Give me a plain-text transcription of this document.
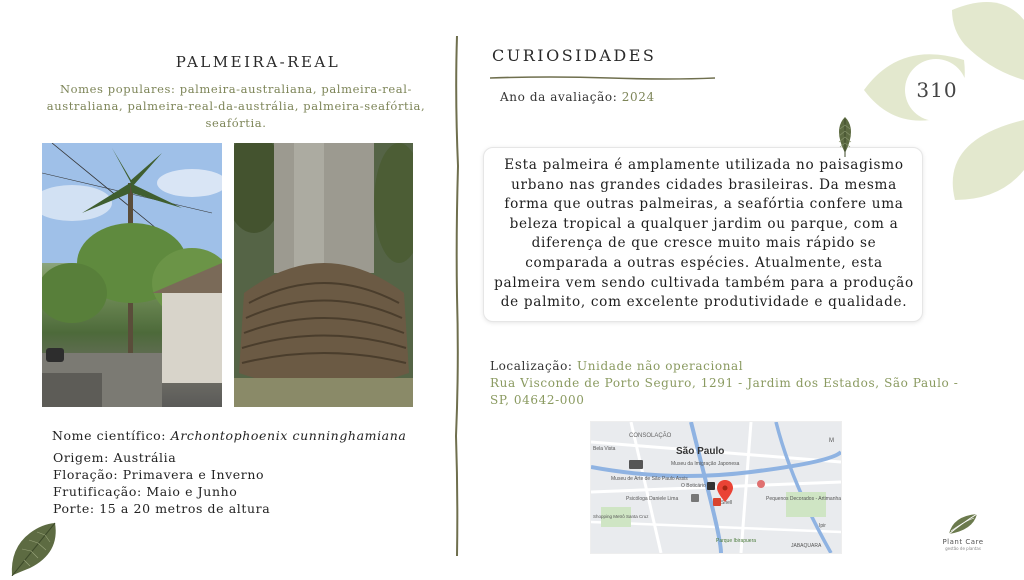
PALMEIRA-REAL
Nomes populares: palmeira-australiana, palmeira-real-australiana, palmeira-real-da-austrália, palmeira-seafórtia, seafórtia.
Nome científico: Archontophoenix cunninghamiana
Origem: Austrália
Floração: Primavera e Inverno
Frutificação: Maio e Junho
Porte: 15 a 20 metros de altura
CURIOSIDADES
Ano da avaliação: 2024
Esta palmeira é amplamente utilizada no paisagismo urbano nas grandes cidades brasileiras. Da mesma forma que outras palmeiras, a seafórtia confere uma beleza tropical a qualquer jardim ou parque, com a diferença de que cresce muito mais rápido se comparada a outras espécies. Atualmente, esta palmeira vem sendo cultivada também para a produção de palmito, com excelente produtividade e qualidade.
Localização: Unidade não operacional
Rua Visconde de Porto Seguro, 1291 - Jardim dos Estados, São Paulo - SP, 04642-000
CONSOLAÇÃO
São Paulo
Museu da Imigração Japonesa
Museu de Arte de São Paulo Assis
O Boticário
Psicóloga Daniele Lima
Shell
Pequenos Decorados - Artimanha
Parque Ibirapuera
JABAQUARA
Shopping Metrô Santa Cruz
Bela Vista
M
Ipir
310
Plant Care
gestão de plantas
